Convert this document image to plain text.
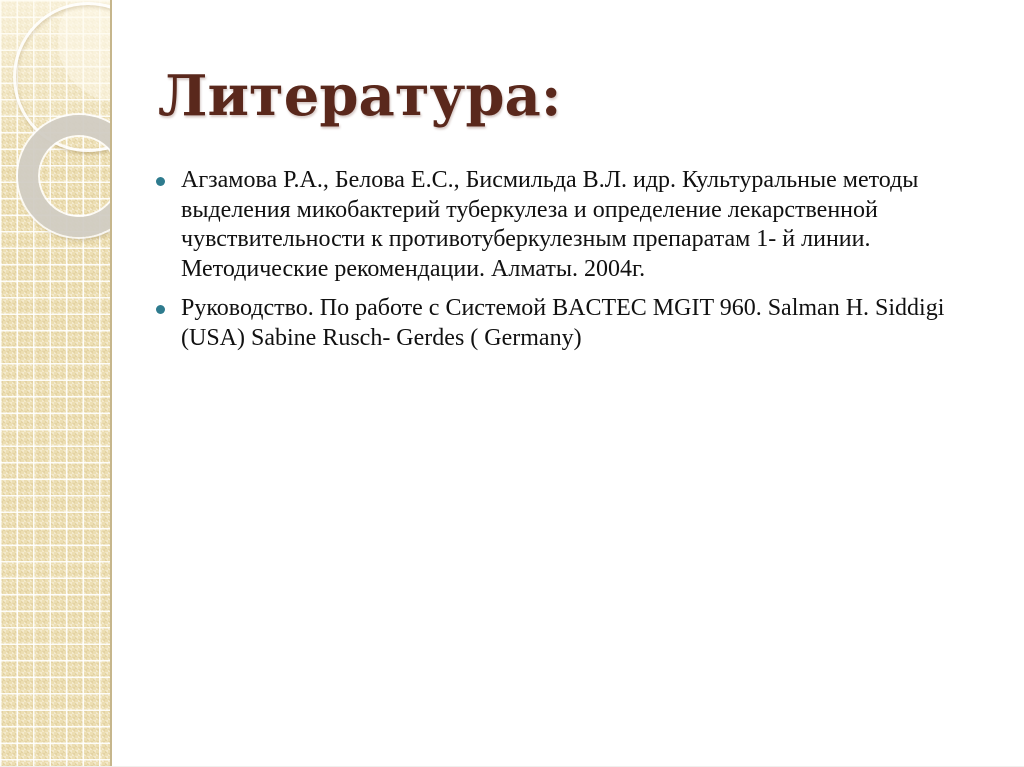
Литература:
Агзамова Р.А., Белова Е.С., Бисмильда В.Л. идр. Культуральные методы выделения микобактерий туберкулеза и определение лекарственной чувствительности к противотуберкулезным препаратам 1- й линии. Методические рекомендации. Алматы. 2004г.
Руководство. По работе с Системой BACTEC MGIT 960. Salman H. Siddigi  (USA) Sabine Rusch- Gerdes ( Germany)
